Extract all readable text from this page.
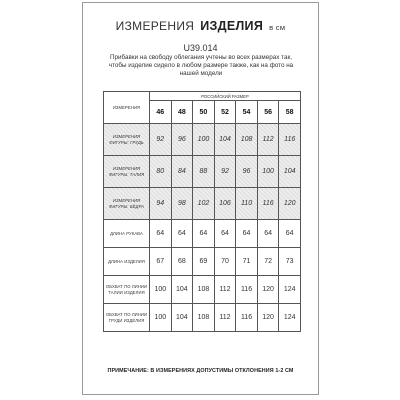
ИЗМЕРЕНИЯ ИЗДЕЛИЯ в см
U39.014
Прибавки на свободу облегания учтены во всех размерах так, чтобы изделие сидело в любом размере также, как на фото на нашей модели
ИЗМЕРЕНИЯ	РОССИЙСКИЙ РАЗМЕР						
	46	48	50	52	54	56	58
ИЗМЕРЕНИЯ ФИГУРЫ: ГРУДЬ	92	96	100	104	108	112	116
ИЗМЕРЕНИЯ ФИГУРЫ: ТАЛИЯ	80	84	88	92	96	100	104
ИЗМЕРЕНИЯ ФИГУРЫ: БЁДРА	94	98	102	106	110	116	120
ДЛИНА РУКАВА	64	64	64	64	64	64	64
ДЛИНА ИЗДЕЛИЯ	67	68	69	70	71	72	73
ОБХВАТ ПО ЛИНИИ ТАЛИИ ИЗДЕЛИЯ	100	104	108	112	116	120	124
ОБХВАТ ПО ЛИНИИ ГРУДИ ИЗДЕЛИЯ	100	104	108	112	116	120	124
ПРИМЕЧАНИЕ: В ИЗМЕРЕНИЯХ ДОПУСТИМЫ ОТКЛОНЕНИЯ 1-2 СМ
